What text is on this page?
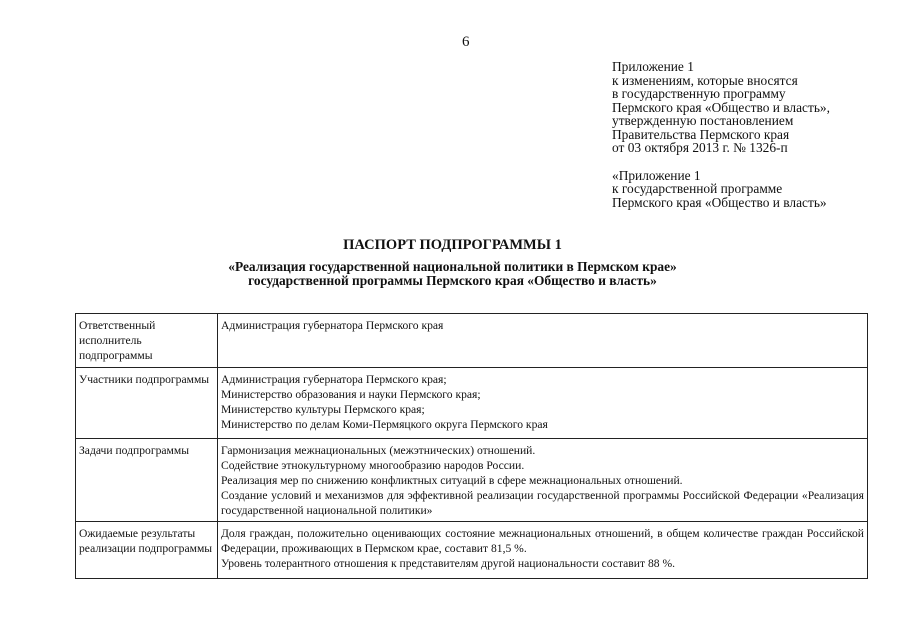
6
Приложение 1
к изменениям, которые вносятся
в государственную программу
Пермского края «Общество и власть»,
утвержденную постановлением
Правительства Пермского края
от 03 октября 2013 г. № 1326-п
«Приложение 1
к государственной программе
Пермского края «Общество и власть»
ПАСПОРТ ПОДПРОГРАММЫ 1
«Реализация государственной национальной политики в Пермском крае»
государственной программы Пермского края «Общество и власть»
Ответственный исполнитель подпрограммы	Администрация губернатора Пермского края

Участники подпрограммы	Администрация губернатора Пермского края;
Министерство образования и науки Пермского края;
Министерство культуры Пермского края;
Министерство по делам Коми-Пермяцкого округа Пермского края

Задачи подпрограммы	Гармонизация межнациональных (межэтнических) отношений.
Содействие этнокультурному многообразию народов России.
Реализация мер по снижению конфликтных ситуаций в сфере межнациональных отношений.
Создание условий и механизмов для эффективной реализации государственной программы Российской Федерации «Реализация государственной национальной политики»

Ожидаемые результаты реализации подпрограммы	Доля граждан, положительно оценивающих состояние межнациональных отношений, в общем количестве граждан Российской Федерации, проживающих в Пермском крае, составит 81,5 %.
Уровень толерантного отношения к представителям другой национальности составит 88 %.
